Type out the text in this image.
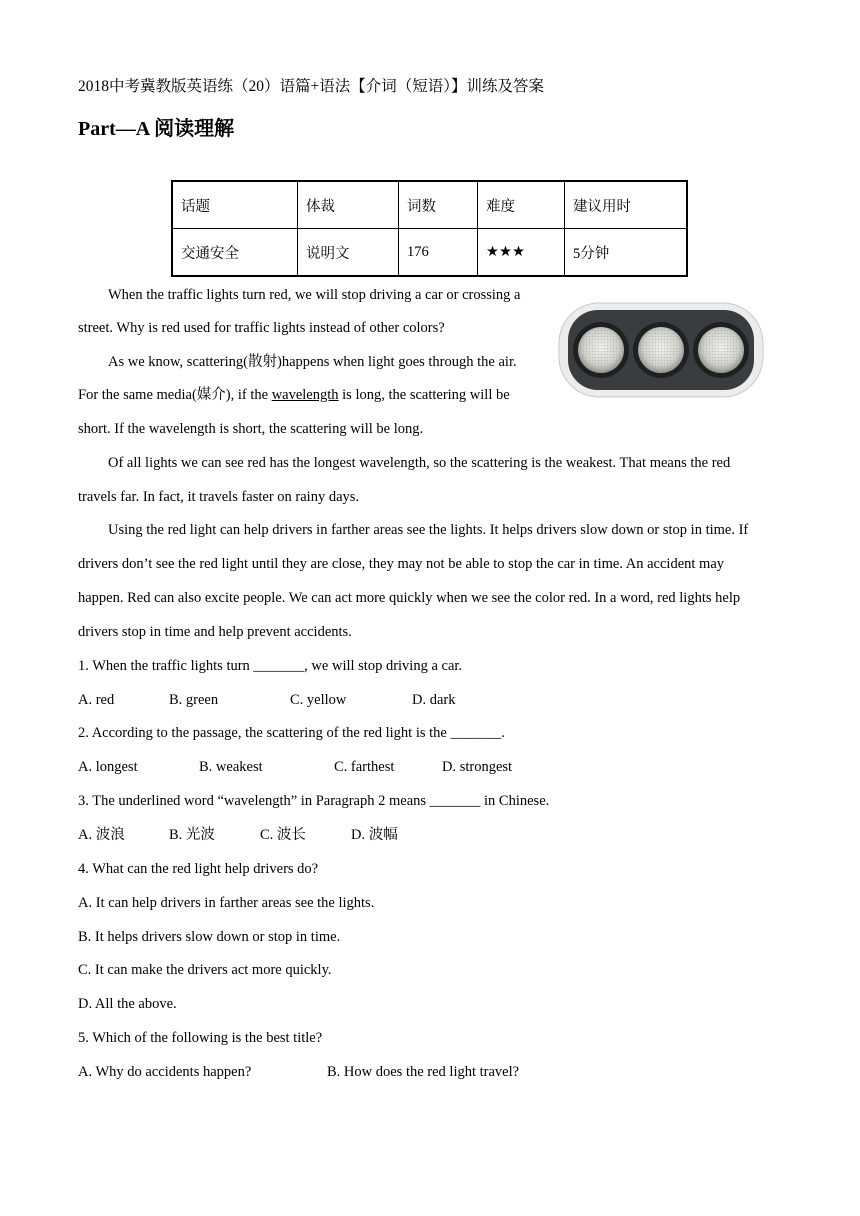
2018中考冀教版英语练（20）语篇+语法【介词（短语）】训练及答案
Part—A 阅读理解
话题	体裁	词数	难度	建议用时
交通安全	说明文	176	★★★	5分钟
When the traffic lights turn red, we will stop driving a car or crossing a
street. Why is red used for traffic lights instead of other colors?
As we know, scattering(散射)happens when light goes through the air.
For the same media(媒介), if the wavelength is long, the scattering will be
short. If the wavelength is short, the scattering will be long.
Of all lights we can see red has the longest wavelength, so the scattering is the weakest. That means the red
travels far. In fact, it travels faster on rainy days.
Using the red light can help drivers in farther areas see the lights. It helps drivers slow down or stop in time. If
drivers don’t see the red light until they are close, they may not be able to stop the car in time. An accident may
happen. Red can also excite people. We can act more quickly when we see the color red. In a word, red lights help
drivers stop in time and help prevent accidents.
1. When the traffic lights turn _______, we will stop driving a car.
A. red	B. green	C. yellow	D. dark
2. According to the passage, the scattering of the red light is the _______.
A. longest	B. weakest	C. farthest	D. strongest
3. The underlined word “wavelength” in Paragraph 2 means _______ in Chinese.
A. 波浪	B. 光波	C. 波长	D. 波幅
4. What can the red light help drivers do?
A. It can help drivers in farther areas see the lights.
B. It helps drivers slow down or stop in time.
C. It can make the drivers act more quickly.
D. All the above.
5. Which of the following is the best title?
A. Why do accidents happen?	B. How does the red light travel?
